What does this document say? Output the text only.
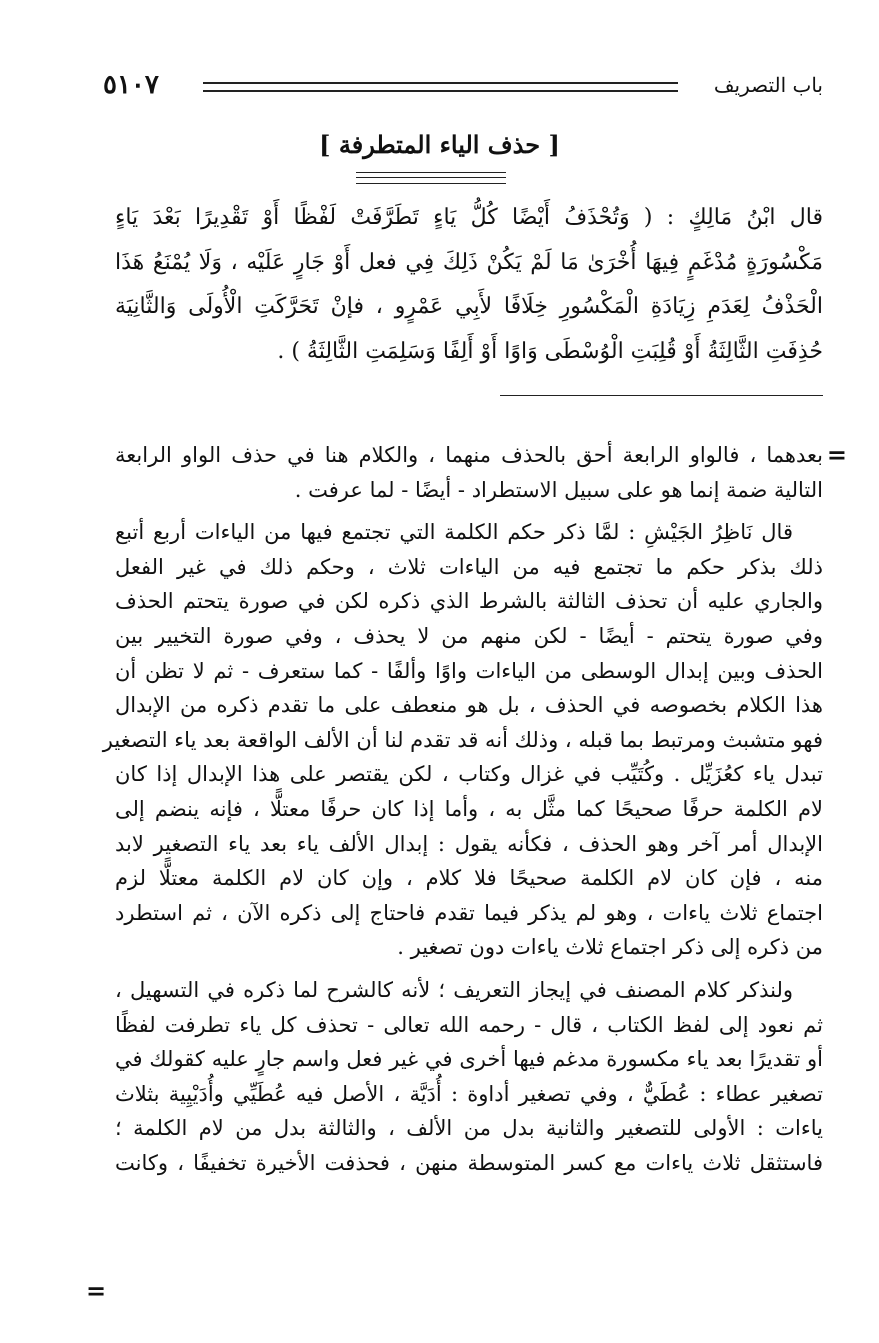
باب التصريف
٥١٠٧
[ حذف الياء المتطرفة ]
قال ابْنُ مَالِكٍ : ( وَتُحْذَفُ أَيْضًا كُلُّ يَاءٍ تَطَرَّفَتْ لَفْظًا أَوْ تَقْدِيرًا بَعْدَ يَاءٍ
مَكْسُورَةٍ مُدْغَمٍ فِيهَا أُخْرَىٰ مَا لَمْ يَكُنْ ذَلِكَ فِي فعل أَوْ جَارٍ عَلَيْه ، وَلَا يُمْنَعُ هَذَا
الْحَذْفُ لِعَدَمِ زِيَادَةِ الْمَكْسُورِ خِلَافًا لأَبِي عَمْرٍو ، فإنْ تَحَرَّكَتِ الْأُولَى وَالثَّانِيَة
حُذِفَتِ الثَّالِثَةُ أَوْ قُلِبَتِ الْوُسْطَى وَاوًا أَوْ أَلِفًا وَسَلِمَتِ الثَّالِثَةُ ) .
=
بعدهما ، فالواو الرابعة أحق بالحذف منهما ، والكلام هنا في حذف الواو الرابعة
التالية ضمة إنما هو على سبيل الاستطراد - أيضًا - لما عرفت .
قال نَاظِرُ الجَيْشِ : لمَّا ذكر حكم الكلمة التي تجتمع فيها من الياءات أربع أتبع
ذلك بذكر حكم ما تجتمع فيه من الياءات ثلاث ، وحكم ذلك في غير الفعل
والجاري عليه أن تحذف الثالثة بالشرط الذي ذكره لكن في صورة يتحتم الحذف
وفي صورة يتحتم - أيضًا - لكن منهم من لا يحذف ، وفي صورة التخيير بين
الحذف وبين إبدال الوسطى من الياءات واوًا وألفًا - كما ستعرف - ثم لا تظن أن
هذا الكلام بخصوصه في الحذف ، بل هو منعطف على ما تقدم ذكره من الإبدال
فهو متشبث ومرتبط بما قبله ، وذلك أنه قد تقدم لنا أن الألف الواقعة بعد ياء التصغير
تبدل ياء كعُزَيِّل . وكُتَيِّب في غزال وكتاب ، لكن يقتصر على هذا الإبدال إذا كان
لام الكلمة حرفًا صحيحًا كما مثَّل به ، وأما إذا كان حرفًا معتلًّا ، فإنه ينضم إلى
الإبدال أمر آخر وهو الحذف ، فكأنه يقول : إبدال الألف ياء بعد ياء التصغير لابد
منه ، فإن كان لام الكلمة صحيحًا فلا كلام ، وإن كان لام الكلمة معتلًّا لزم
اجتماع ثلاث ياءات ، وهو لم يذكر فيما تقدم فاحتاج إلى ذكره الآن ، ثم استطرد
من ذكره إلى ذكر اجتماع ثلاث ياءات دون تصغير .
ولنذكر كلام المصنف في إيجاز التعريف ؛ لأنه كالشرح لما ذكره في التسهيل ،
ثم نعود إلى لفظ الكتاب ، قال - رحمه الله تعالى - تحذف كل ياء تطرفت لفظًا
أو تقديرًا بعد ياء مكسورة مدغم فيها أخرى في غير فعل واسم جارٍ عليه كقولك في
تصغير عطاء : عُطَيٌّ ، وفي تصغير أداوة : أُدَيَّة ، الأصل فيه عُطَيِّي وأُدَيْيِية بثلاث
ياءات : الأولى للتصغير والثانية بدل من الألف ، والثالثة بدل من لام الكلمة ؛
فاستثقل ثلاث ياءات مع كسر المتوسطة منهن ، فحذفت الأخيرة تخفيفًا ، وكانت
=
